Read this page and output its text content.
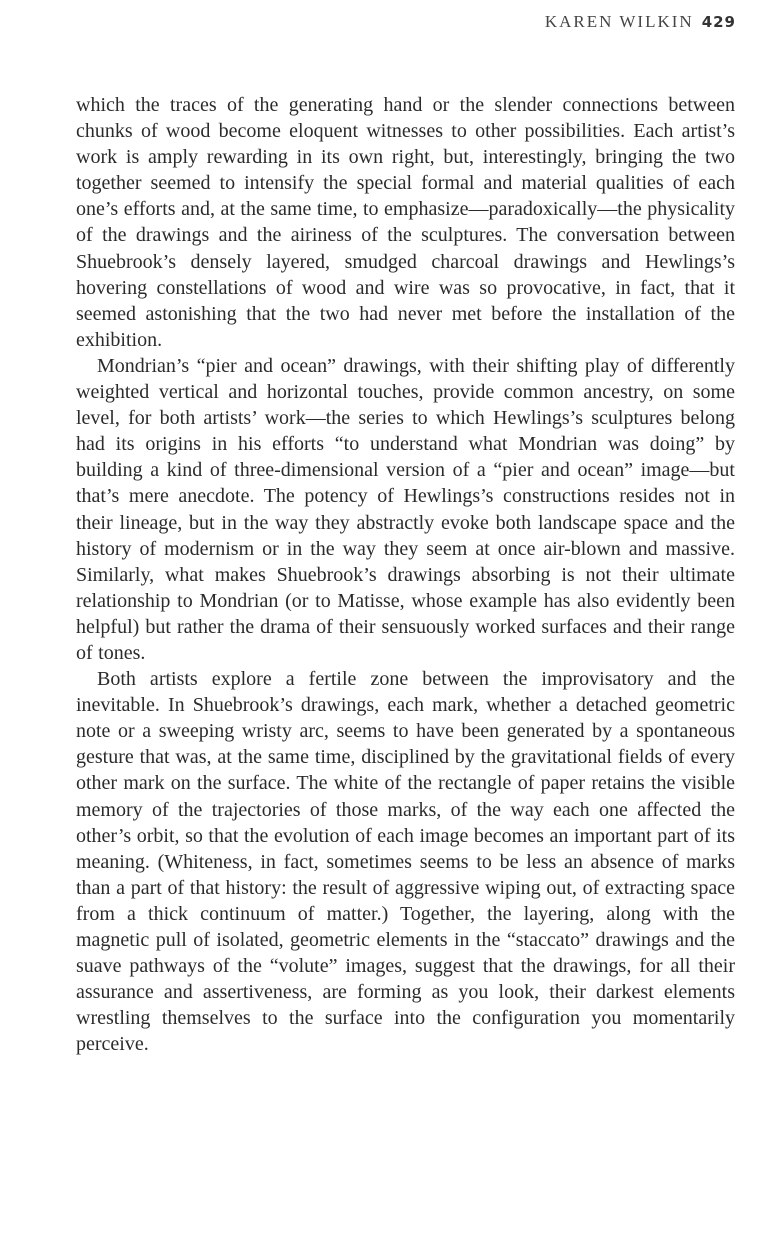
KAREN WILKIN 429

which the traces of the generating hand or the slender connections between chunks of wood become eloquent witnesses to other possibilities. Each artist’s work is amply rewarding in its own right, but, interestingly, bringing the two together seemed to intensify the special formal and material qualities of each one’s efforts and, at the same time, to emphasize—paradoxically—the physicality of the drawings and the airiness of the sculptures. The conversation between Shuebrook’s densely layered, smudged charcoal drawings and Hewlings’s hovering constellations of wood and wire was so provocative, in fact, that it seemed astonishing that the two had never met before the installation of the exhibition.

Mondrian’s “pier and ocean” drawings, with their shifting play of differently weighted vertical and horizontal touches, provide common ancestry, on some level, for both artists’ work—the series to which Hewlings’s sculptures belong had its origins in his efforts “to understand what Mondrian was doing” by building a kind of three-dimensional version of a “pier and ocean” image—but that’s mere anecdote. The potency of Hewlings’s constructions resides not in their lineage, but in the way they abstractly evoke both landscape space and the history of modernism or in the way they seem at once air-blown and massive. Similarly, what makes Shuebrook’s drawings absorbing is not their ultimate relationship to Mondrian (or to Matisse, whose example has also evidently been helpful) but rather the drama of their sensuously worked surfaces and their range of tones.

Both artists explore a fertile zone between the improvisatory and the inevitable. In Shuebrook’s drawings, each mark, whether a detached geometric note or a sweeping wristy arc, seems to have been generated by a spontaneous gesture that was, at the same time, disciplined by the gravitational fields of every other mark on the surface. The white of the rectangle of paper retains the visible memory of the trajectories of those marks, of the way each one affected the other’s orbit, so that the evolution of each image becomes an important part of its meaning. (Whiteness, in fact, sometimes seems to be less an absence of marks than a part of that history: the result of aggressive wiping out, of extracting space from a thick continuum of matter.) Together, the layering, along with the magnetic pull of isolated, geometric elements in the “staccato” drawings and the suave pathways of the “volute” images, suggest that the drawings, for all their assurance and assertiveness, are forming as you look, their darkest elements wrestling themselves to the surface into the configuration you momentarily perceive.
